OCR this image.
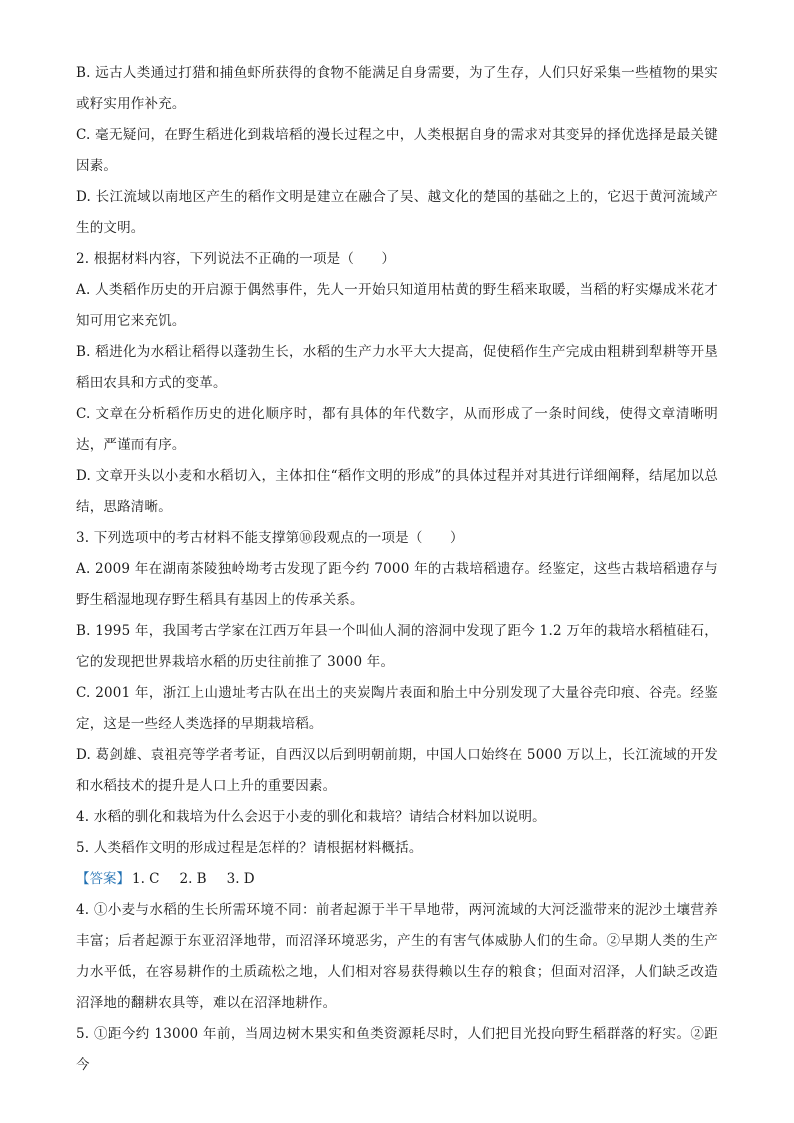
B. 远古人类通过打猎和捕鱼虾所获得的食物不能满足自身需要，为了生存，人们只好采集一些植物的果实或籽实用作补充。

C. 毫无疑问，在野生稻进化到栽培稻的漫长过程之中，人类根据自身的需求对其变异的择优选择是最关键因素。

D. 长江流域以南地区产生的稻作文明是建立在融合了吴、越文化的楚国的基础之上的，它迟于黄河流域产生的文明。

2. 根据材料内容，下列说法不正确的一项是（　　）

A. 人类稻作历史的开启源于偶然事件，先人一开始只知道用枯黄的野生稻来取暖，当稻的籽实爆成米花才知可用它来充饥。

B. 稻进化为水稻让稻得以蓬勃生长，水稻的生产力水平大大提高，促使稻作生产完成由粗耕到犁耕等开垦稻田农具和方式的变革。

C. 文章在分析稻作历史的进化顺序时，都有具体的年代数字，从而形成了一条时间线，使得文章清晰明达，严谨而有序。

D. 文章开头以小麦和水稻切入，主体扣住“稻作文明的形成”的具体过程并对其进行详细阐释，结尾加以总结，思路清晰。

3. 下列选项中的考古材料不能支撑第⑩段观点的一项是（　　）

A. 2009 年在湖南茶陵独岭坳考古发现了距今约 7000 年的古栽培稻遗存。经鉴定，这些古栽培稻遗存与野生稻湿地现存野生稻具有基因上的传承关系。

B. 1995 年，我国考古学家在江西万年县一个叫仙人洞的溶洞中发现了距今 1.2 万年的栽培水稻植硅石，它的发现把世界栽培水稻的历史往前推了 3000 年。

C. 2001 年，浙江上山遗址考古队在出土的夹炭陶片表面和胎土中分别发现了大量谷壳印痕、谷壳。经鉴定，这是一些经人类选择的早期栽培稻。

D. 葛剑雄、袁祖亮等学者考证，自西汉以后到明朝前期，中国人口始终在 5000 万以上，长江流域的开发和水稻技术的提升是人口上升的重要因素。

4. 水稻的驯化和栽培为什么会迟于小麦的驯化和栽培？请结合材料加以说明。

5. 人类稻作文明的形成过程是怎样的？请根据材料概括。

【答案】 1. C 2. B 3. D

4. ①小麦与水稻的生长所需环境不同：前者起源于半干旱地带，两河流域的大河泛滥带来的泥沙土壤营养丰富；后者起源于东亚沼泽地带，而沼泽环境恶劣，产生的有害气体威胁人们的生命。②早期人类的生产力水平低，在容易耕作的土质疏松之地，人们相对容易获得赖以生存的粮食；但面对沼泽，人们缺乏改造沼泽地的翻耕农具等，难以在沼泽地耕作。

5. ①距今约 13000 年前，当周边树木果实和鱼类资源耗尽时，人们把目光投向野生稻群落的籽实。②距今
